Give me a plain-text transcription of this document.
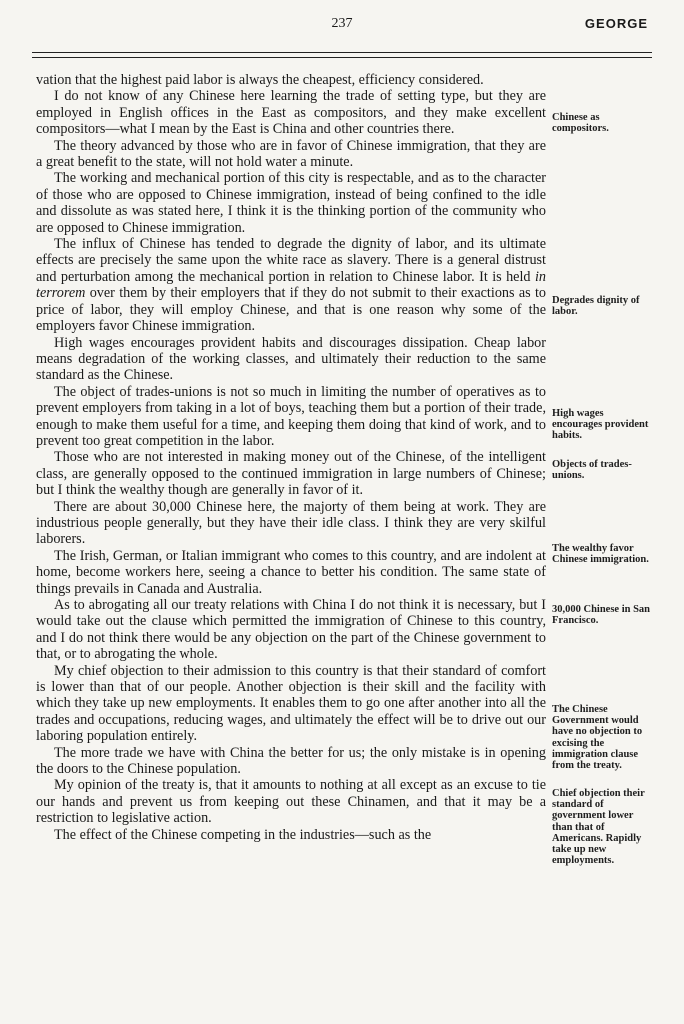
237	GEORGE

vation that the highest paid labor is always the cheapest, efficiency considered.

I do not know of any Chinese here learning the trade of setting type, but they are employed in English offices in the East as compositors, and they make excellent compositors—what I mean by the East is China and other countries there.

The theory advanced by those who are in favor of Chinese immigration, that they are a great benefit to the state, will not hold water a minute.

The working and mechanical portion of this city is respectable, and as to the character of those who are opposed to Chinese immigration, instead of being confined to the idle and dissolute as was stated here, I think it is the thinking portion of the community who are opposed to Chinese immigration.

The influx of Chinese has tended to degrade the dignity of labor, and its ultimate effects are precisely the same upon the white race as slavery. There is a general distrust and perturbation among the mechanical portion in relation to Chinese labor. It is held in terrorem over them by their employers that if they do not submit to their exactions as to price of labor, they will employ Chinese, and that is one reason why some of the employers favor Chinese immigration.

High wages encourages provident habits and discourages dissipation. Cheap labor means degradation of the working classes, and ultimately their reduction to the same standard as the Chinese.

The object of trades-unions is not so much in limiting the number of operatives as to prevent employers from taking in a lot of boys, teaching them but a portion of their trade, enough to make them useful for a time, and keeping them doing that kind of work, and to prevent too great competition in the labor.

Those who are not interested in making money out of the Chinese, of the intelligent class, are generally opposed to the continued immigration in large numbers of Chinese; but I think the wealthy though are generally in favor of it.

There are about 30,000 Chinese here, the majorty of them being at work. They are industrious people generally, but they have their idle class. I think they are very skilful laborers.

The Irish, German, or Italian immigrant who comes to this country, and are indolent at home, become workers here, seeing a chance to better his condition. The same state of things prevails in Canada and Australia.

As to abrogating all our treaty relations with China I do not think it is necessary, but I would take out the clause which permitted the immigration of Chinese to this country, and I do not think there would be any objection on the part of the Chinese government to that, or to abrogating the whole.

My chief objection to their admission to this country is that their standard of comfort is lower than that of our people. Another objection is their skill and the facility with which they take up new employments. It enables them to go one after another into all the trades and occupations, reducing wages, and ultimately the effect will be to drive out our laboring population entirely.

The more trade we have with China the better for us; the only mistake is in opening the doors to the Chinese population.

My opinion of the treaty is, that it amounts to nothing at all except as an excuse to tie our hands and prevent us from keeping out these Chinamen, and that it may be a restriction to legislative action.

The effect of the Chinese competing in the industries—such as the

Chinese as compositors.
Degrades dignity of labor.
High wages encourages provident habits.
Objects of trades-unions.
The wealthy favor Chinese immigration.
30,000 Chinese in San Francisco.
The Chinese Government would have no objection to excising the immigration clause from the treaty.
Chief objection their standard of government lower than that of Americans. Rapidly take up new employments.
